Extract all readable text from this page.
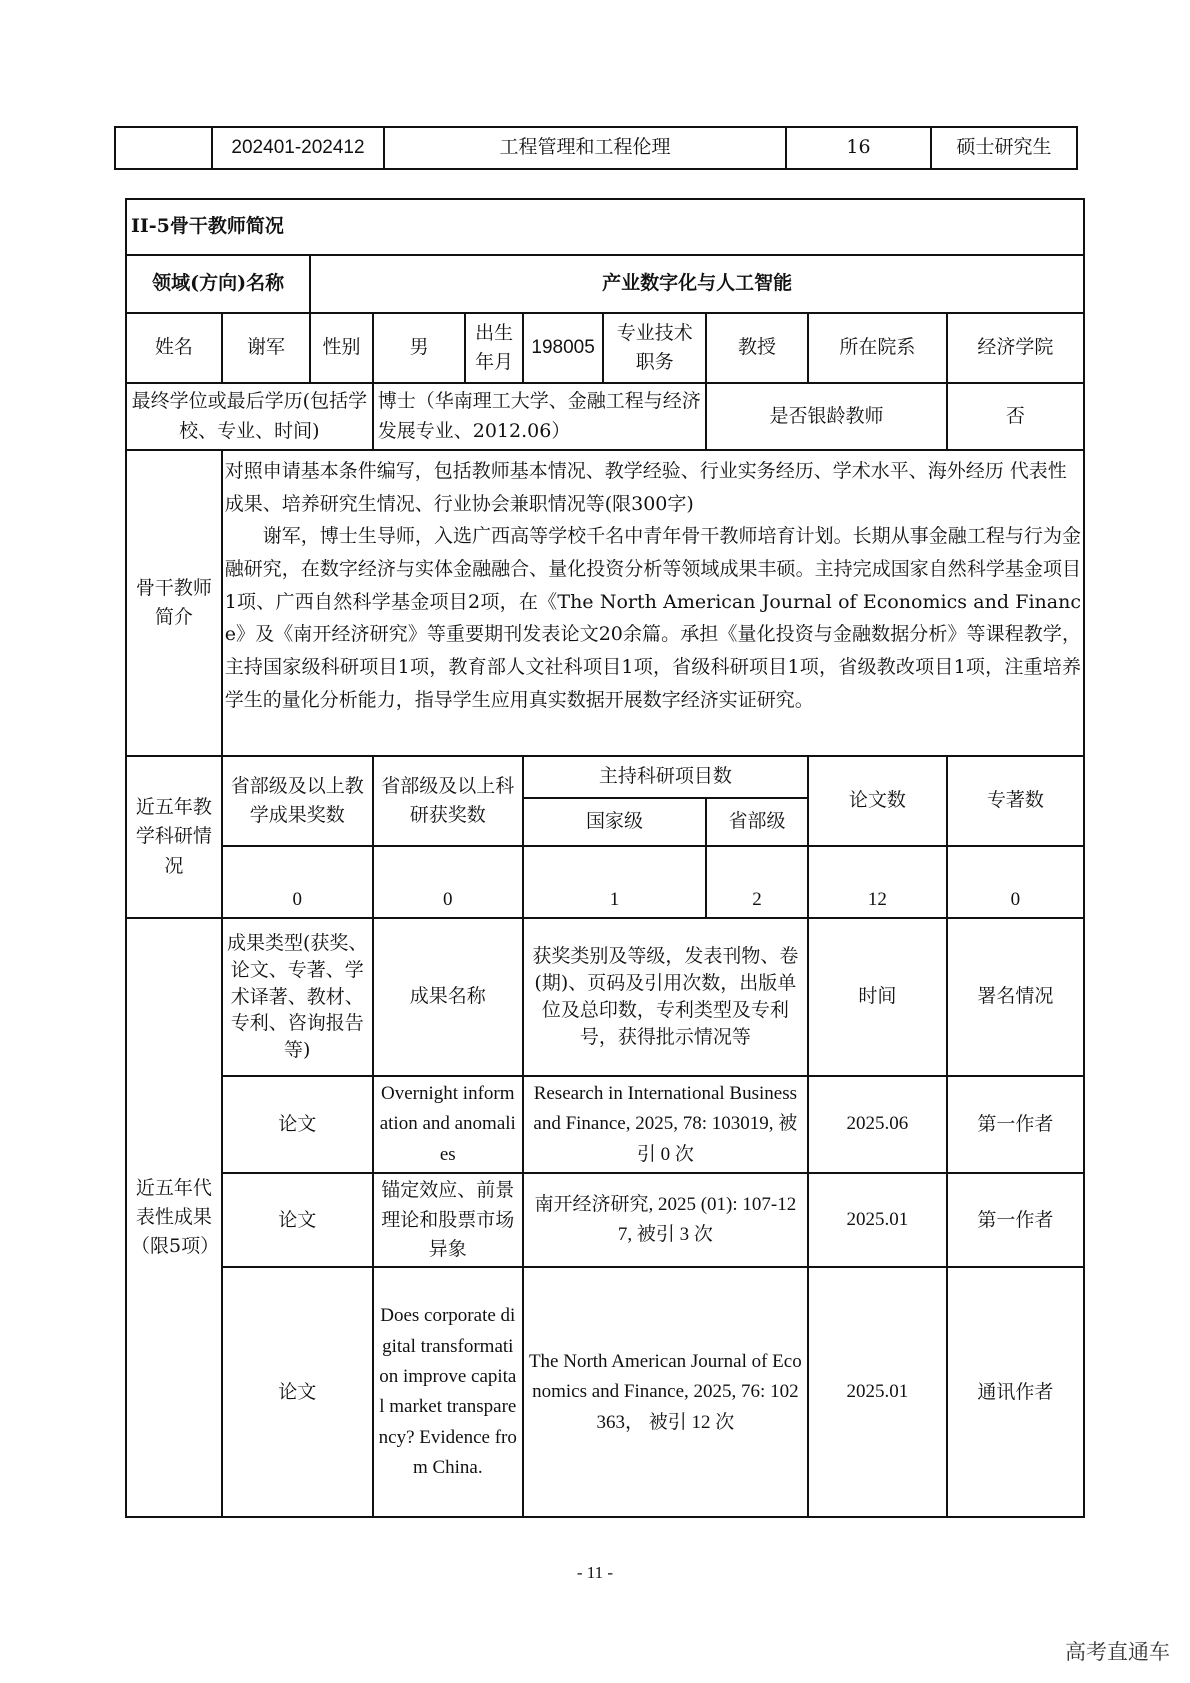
	202401-202412	工程管理和工程伦理	16	硕士研究生
II-5骨干教师简况									
领域(方向)名称		产业数字化与人工智能							
姓名	谢军	性别	男	出生年月	198005	专业技术职务	教授	所在院系	经济学院
最终学位或最后学历(包括学校、专业、时间)			博士（华南理工大学、金融工程与经济发展专业、2012.06）				是否银龄教师		否
骨干教师简介	对照申请基本条件编写，包括教师基本情况、教学经验、行业实务经历、学术水平、海外经历 代表性成果、培养研究生情况、行业协会兼职情况等(限300字)

谢军，博士生导师，入选广西高等学校千名中青年骨干教师培育计划。长期从事金融工程与行为金融研究，在数字经济与实体金融融合、量化投资分析等领域成果丰硕。主持完成国家自然科学基金项目1项、广西自然科学基金项目2项，在《The North American Journal of Economics and Finance》及《南开经济研究》等重要期刊发表论文20余篇。承担《量化投资与金融数据分析》等课程教学，主持国家级科研项目1项，教育部人文社科项目1项，省级科研项目1项，省级教改项目1项，注重培养学生的量化分析能力，指导学生应用真实数据开展数字经济实证研究。								

近五年教学科研情况	省部级及以上教学成果奖数		省部级及以上科研获奖数		主持科研项目数			论文数	专著数
					国家级		省部级		
	0		0		1		2	12	0
近五年代表性成果（限5项）	成果类型(获奖、论文、专著、学术译著、教材、专利、咨询报告等)		成果名称		获奖类别及等级，发表刊物、卷(期)、页码及引用次数，出版单位及总印数，专利类型及专利号，获得批示情况等			时间	署名情况
	论文		Overnight information and anomalies		Research in International Business and Finance, 2025, 78: 103019, 被引 0 次			2025.06	第一作者
	论文		锚定效应、前景理论和股票市场异象		南开经济研究, 2025 (01): 107-127, 被引 3 次			2025.01	第一作者
	论文		Does corporate digital transformation improve capital market transparency? Evidence from China.		The North American Journal of Economics and Finance, 2025, 76: 102363， 被引 12 次			2025.01	通讯作者
- 11 -
高考直通车
